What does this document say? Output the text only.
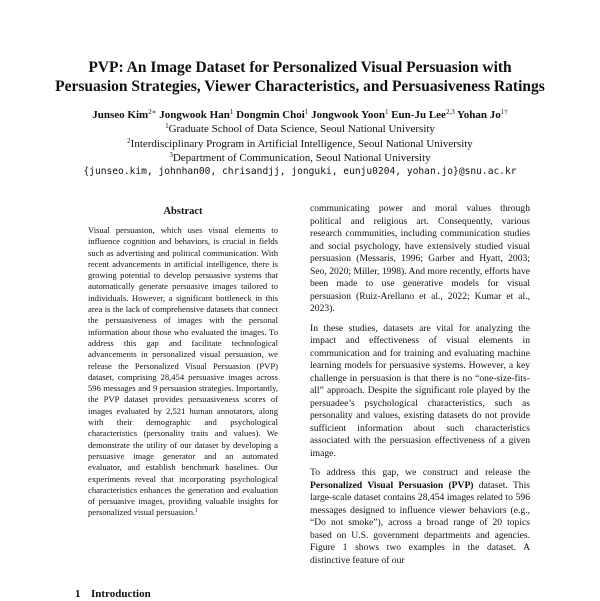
PVP: An Image Dataset for Personalized Visual Persuasion with
Persuasion Strategies, Viewer Characteristics, and Persuasiveness Ratings
Junseo Kim$^{2∗}$ Jongwook Han$^1$ Dongmin Choi$^1$ Jongwook Yoon$^1$ Eun-Ju Lee$^{2,3}$ Yohan $Jo^{1\dagger}$
$^1$Graduate School of Data Science, Seoul National University
$^2$Interdisciplinary Program in Artificial Intelligence, Seoul National University
$^3$Department of Communication, Seoul National University
{junseo.kim, johnhan00, chrisandjj, jonguki, eunju0204, yohan.jo}@snu.ac.kr
Abstract
Visual persuasion, which uses visual elements to influence cognition and behaviors, is crucial in fields such as advertising and political communication. With recent advancements in artificial intelligence, there is growing potential to develop persuasive systems that automatically generate persuasive images tailored to individuals. However, a significant bottleneck in this area is the lack of comprehensive datasets that connect the persuasiveness of images with the personal information about those who evaluated the images. To address this gap and facilitate technological advancements in personalized visual persuasion, we release the Personalized Visual Persuasion (PVP) dataset, comprising 28,454 persuasive images across 596 messages and 9 persuasion strategies. Importantly, the PVP dataset provides persuasiveness scores of images evaluated by 2,521 human annotators, along with their demographic and psychological characteristics (personality traits and values). We demonstrate the utility of our dataset by developing a persuasive image generator and an automated evaluator, and establish benchmark baselines. Our experiments reveal that incorporating psychological characteristics enhances the generation and evaluation of persuasive images, providing valuable insights for personalized visual persuasion.$^1$
1 Introduction

communicating power and moral values through political and religious art. Consequently, various research communities, including communication studies and social psychology, have extensively studied visual persuasion (Messaris, 1996; Garber and Hyatt, 2003; Seo, 2020; Miller, 1998). And more recently, efforts have been made to use generative models for visual persuasion (Ruiz-Arellano et al., 2022; Kumar et al., 2023).

In these studies, datasets are vital for analyzing the impact and effectiveness of visual elements in communication and for training and evaluating machine learning models for persuasive systems. However, a key challenge in persuasion is that there is no “one-size-fits-all” approach. Despite the significant role played by the persuadee’s psychological characteristics, such as personality and values, existing datasets do not provide sufficient information about such characteristics associated with the persuasion effectiveness of a given image.

To address this gap, we construct and release the Personalized Visual Persuasion (PVP) dataset. This large-scale dataset contains 28,454 images related to 596 messages designed to influence viewer behaviors (e.g., “Do not smoke”), across a broad range of 20 topics based on U.S. government departments and agencies. Figure 1 shows two examples in the dataset. A distinctive feature of our
